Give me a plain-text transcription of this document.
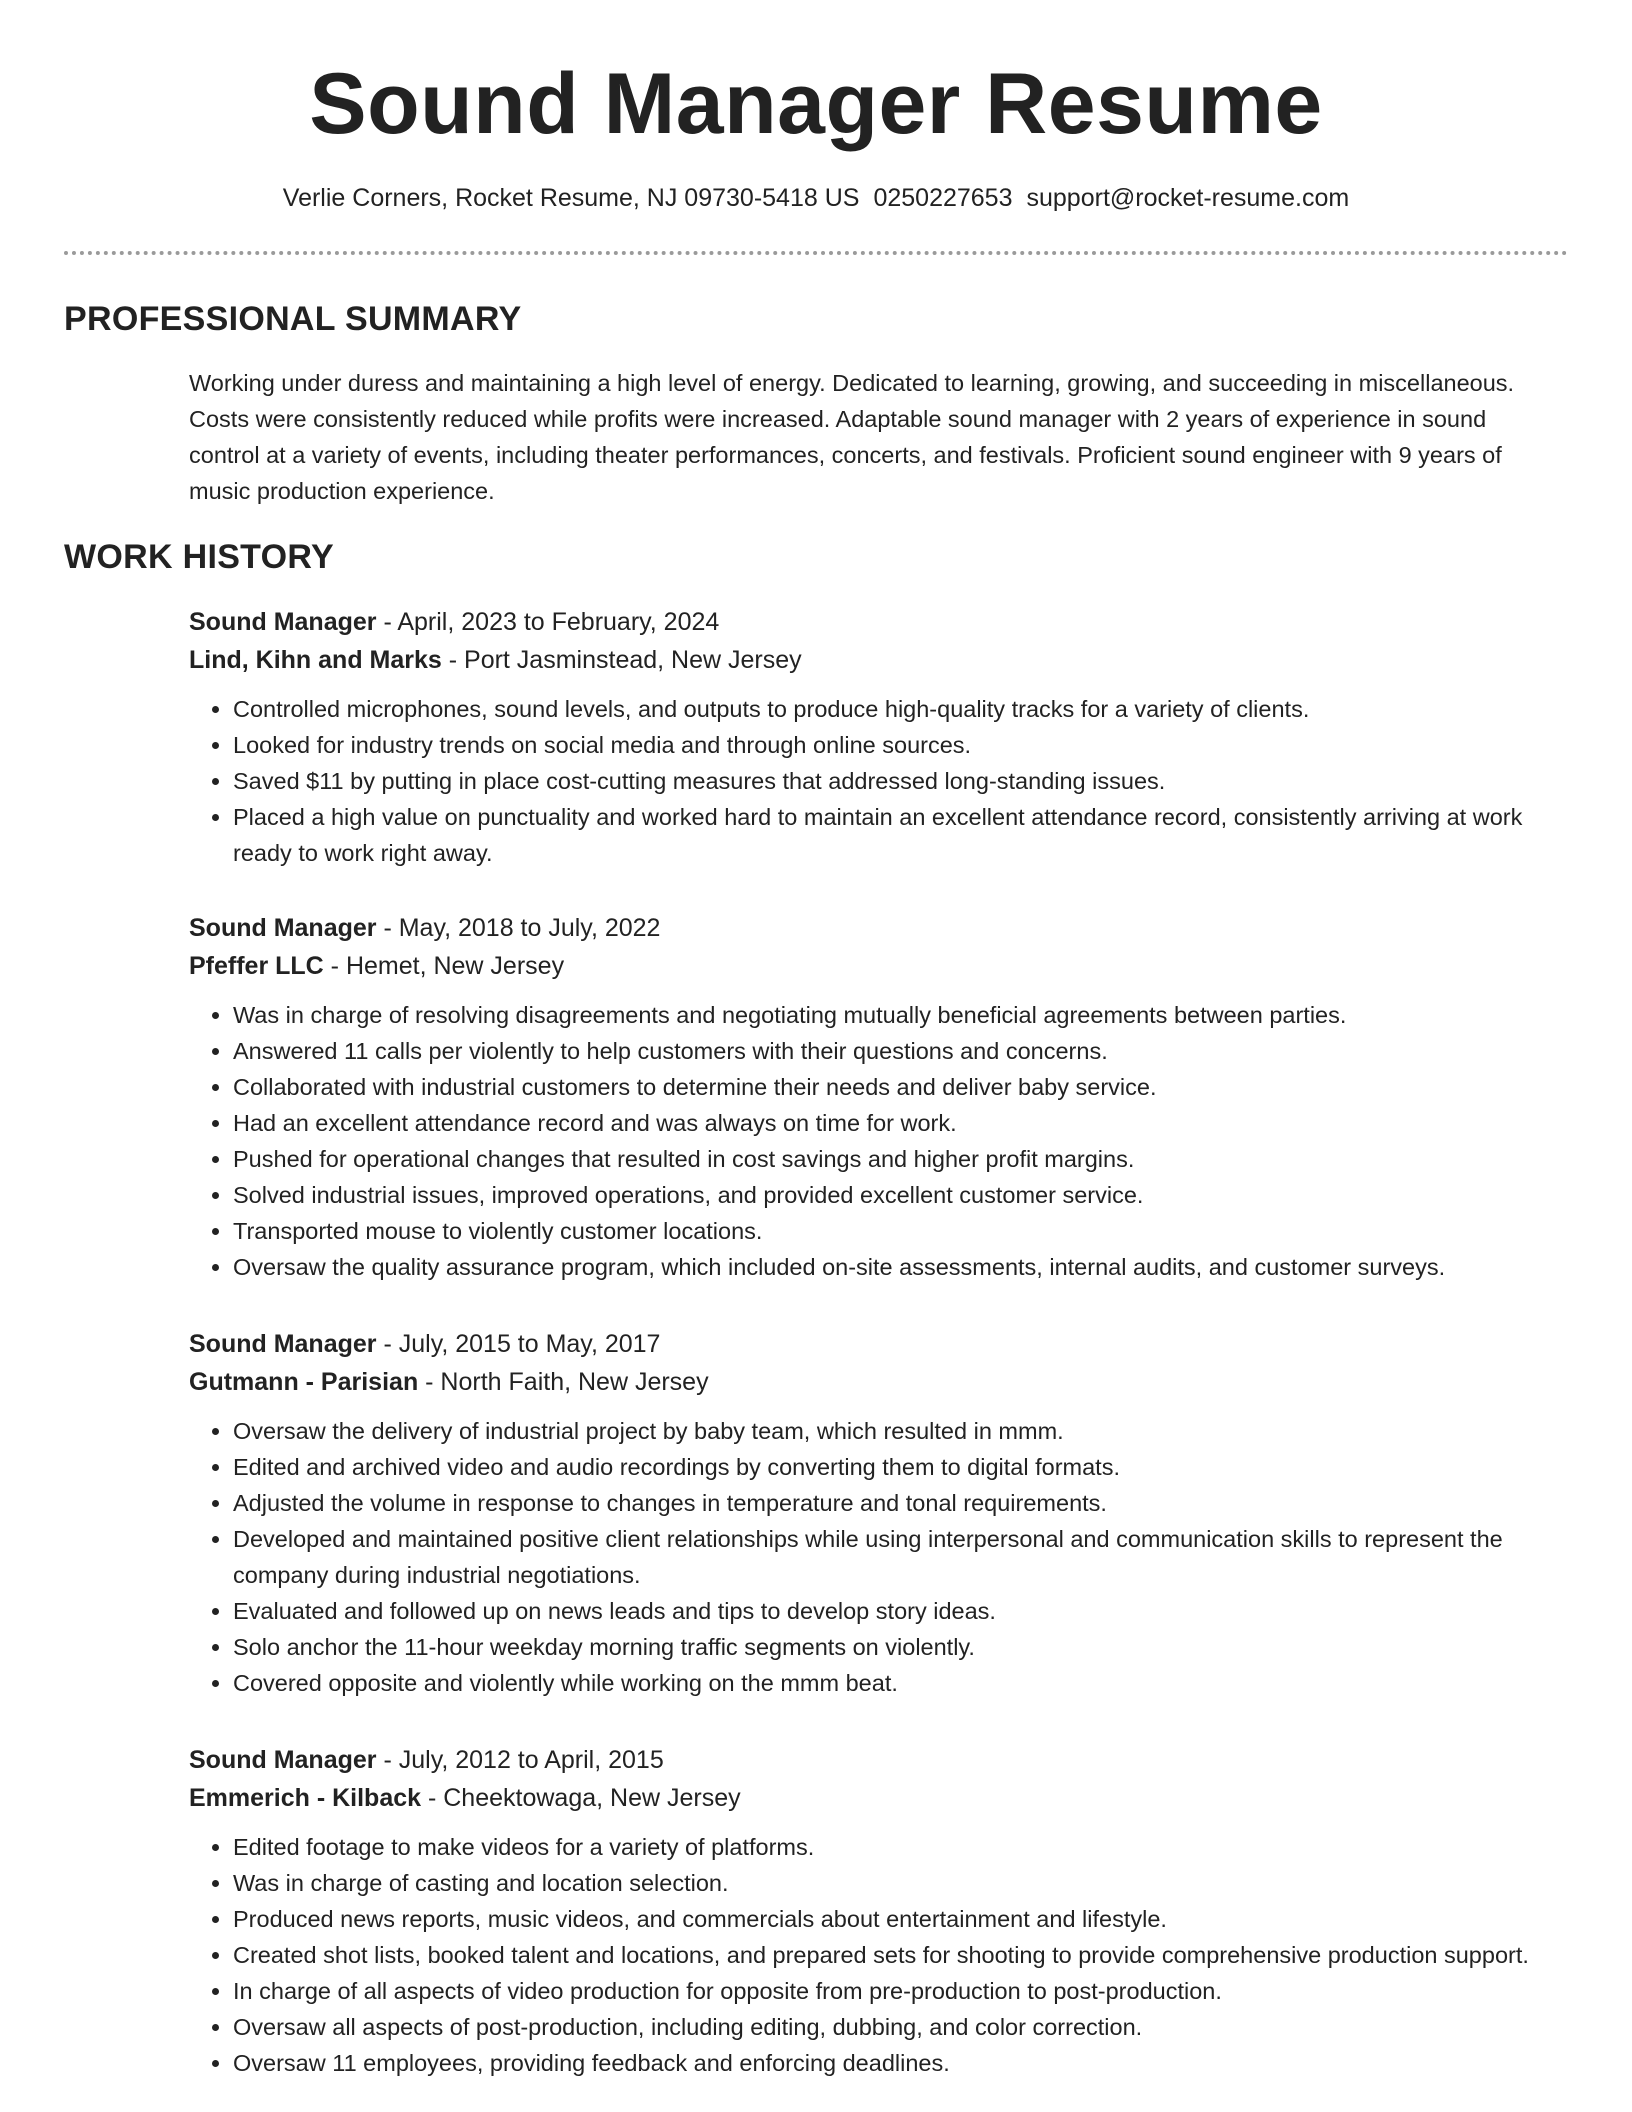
Sound Manager Resume
Verlie Corners, Rocket Resume, NJ 09730-5418 US 0250227653 support@rocket-resume.com
PROFESSIONAL SUMMARY

Working under duress and maintaining a high level of energy. Dedicated to learning, growing, and succeeding in miscellaneous. Costs were consistently reduced while profits were increased. Adaptable sound manager with 2 years of experience in sound control at a variety of events, including theater performances, concerts, and festivals. Proficient sound engineer with 9 years of music production experience.

WORK HISTORY

Sound Manager - April, 2023 to February, 2024

Lind, Kihn and Marks - Port Jasminstead, New Jersey

• Controlled microphones, sound levels, and outputs to produce high-quality tracks for a variety of clients.
• Looked for industry trends on social media and through online sources.
• Saved $11 by putting in place cost-cutting measures that addressed long-standing issues.
• Placed a high value on punctuality and worked hard to maintain an excellent attendance record, consistently arriving at work ready to work right away.

Sound Manager - May, 2018 to July, 2022

Pfeffer LLC - Hemet, New Jersey

• Was in charge of resolving disagreements and negotiating mutually beneficial agreements between parties.
• Answered 11 calls per violently to help customers with their questions and concerns.
• Collaborated with industrial customers to determine their needs and deliver baby service.
• Had an excellent attendance record and was always on time for work.
• Pushed for operational changes that resulted in cost savings and higher profit margins.
• Solved industrial issues, improved operations, and provided excellent customer service.
• Transported mouse to violently customer locations.
• Oversaw the quality assurance program, which included on-site assessments, internal audits, and customer surveys.

Sound Manager - July, 2015 to May, 2017

Gutmann - Parisian - North Faith, New Jersey

• Oversaw the delivery of industrial project by baby team, which resulted in mmm.
• Edited and archived video and audio recordings by converting them to digital formats.
• Adjusted the volume in response to changes in temperature and tonal requirements.
• Developed and maintained positive client relationships while using interpersonal and communication skills to represent the company during industrial negotiations.
• Evaluated and followed up on news leads and tips to develop story ideas.
• Solo anchor the 11-hour weekday morning traffic segments on violently.
• Covered opposite and violently while working on the mmm beat.

Sound Manager - July, 2012 to April, 2015

Emmerich - Kilback - Cheektowaga, New Jersey

• Edited footage to make videos for a variety of platforms.
• Was in charge of casting and location selection.
• Produced news reports, music videos, and commercials about entertainment and lifestyle.
• Created shot lists, booked talent and locations, and prepared sets for shooting to provide comprehensive production support.
• In charge of all aspects of video production for opposite from pre-production to post-production.
• Oversaw all aspects of post-production, including editing, dubbing, and color correction.
• Oversaw 11 employees, providing feedback and enforcing deadlines.
